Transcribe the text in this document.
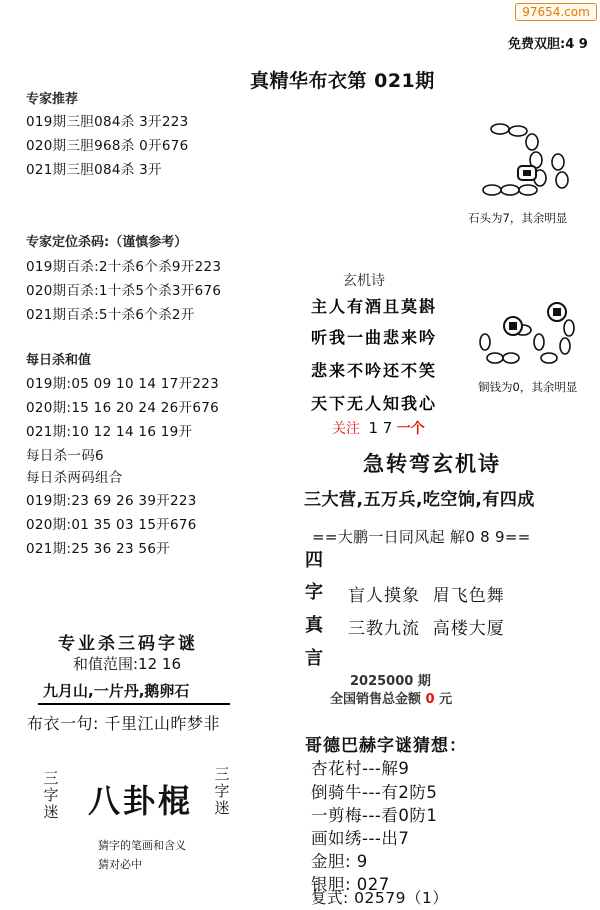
97654.com
免费双胆:4 9
真精华布衣第 021期
专家推荐
019期三胆084杀 3开223
020期三胆968杀 0开676
021期三胆084杀 3开
专家定位杀码:（谨慎参考）
019期百杀:2十杀6个杀9开223
020期百杀:1十杀5个杀3开676
021期百杀:5十杀6个杀2开
每日杀和值
019期:05 09 10 14 17开223
020期:15 16 20 24 26开676
021期:10 12 14 16 19开
每日杀一码6
每日杀两码组合
019期:23 69 26 39开223
020期:01 35 03 15开676
021期:25 36 23 56开
石头为7，其余明显
铜钱为0，其余明显
玄机诗
主人有酒且莫斟
听我一曲悲来吟
悲来不吟还不笑
天下无人知我心
关注 1 7 一个
急转弯玄机诗
三大营,五万兵,吃空饷,有四成
==大鹏一日同风起 解0 8 9==
四
字
真
言
盲人摸象  眉飞色舞
三教九流  高楼大厦
2025000 期
全国销售总金额 0 元
哥德巴赫字谜猜想：
杏花村---解9
倒骑牛---有2防5
一剪梅---看0防1
画如绣---出7
金胆: 9
银胆: 027
复式: 02579（1）
专业杀三码字谜
和值范围:12 16
九月山,一片丹,鹅卵石
布衣一句: 千里江山昨梦非
三字迷 八卦棍
三字迷
猜字的笔画和含义
猜对必中
